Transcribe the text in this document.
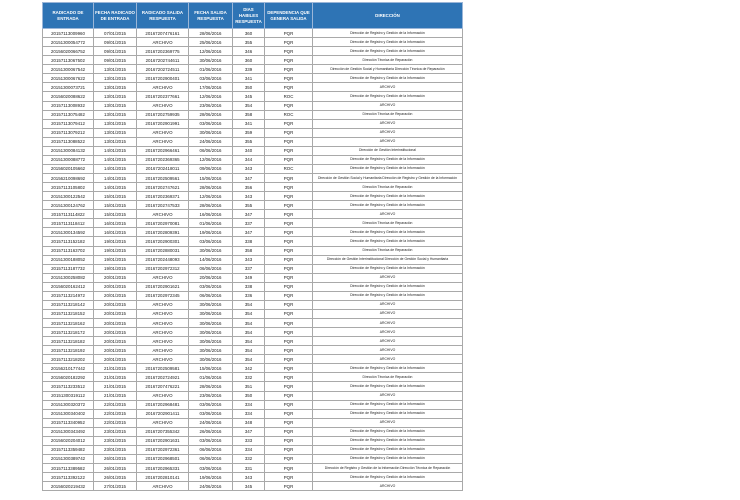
RADICADO DE ENTRADA	FECHA RADICADO DE ENTRADA	RADICADO SALIDA RESPUESTA	FECHA SALIDA RESPUESTA	DIAS HABILES RESPUESTA	DEPENDENCIA QUE GENERA SALIDA	DIRECCIÓN
20157113009960	07/01/2015	20167207476161	28/06/2016	360	PQR	Dirección de Registro y Gestión de la Información
20151300054772	09/01/2015	ARCHIVO	25/06/2016	355	PQR	Dirección de Registro y Gestión de la Información
20156020066752	09/01/2015	20167202369775	12/06/2016	346	PQR	Dirección de Registro y Gestión de la Información
20157113067502	09/01/2015	20167202744611	30/06/2016	360	PQR	Dirección Técnica de Reparación
20151300067542	13/01/2015	20167202724511	01/06/2016	339	PQR	Dirección de Gestión Social y Humanitaria Dirección Técnica de Reparación
20151300067622	13/01/2015	20167202900401	03/06/2016	341	PQR	Dirección de Registro y Gestión de la Información
20151300073721	13/01/2015	ARCHIVO	17/06/2016	350	PQR	ARCHIVO
20156020088622	13/01/2015	20167202377661	12/06/2016	345	ROC	Dirección de Registro y Gestión de la Información
20157113008932	13/01/2015	ARCHIVO	23/06/2016	354	PQR	ARCHIVO
20157113075482	13/01/2015	20167202759935	28/06/2016	358	ROC	Dirección Técnica de Reparación
20157113079412	13/01/2015	20167202901991	03/06/2016	341	PQR	ARCHIVO
20157113079212	13/01/2015	ARCHIVO	30/06/2016	359	PQR	ARCHIVO
20157113088522	13/01/2015	ARCHIVO	24/06/2016	355	PQR	ARCHIVO
20151300084132	14/01/2015	20167202966461	06/06/2016	340	PQR	Dirección de Gestión Interinstitucional
20151300088772	14/01/2015	20167202369365	12/06/2016	344	PQR	Dirección de Registro y Gestión de la Información
20156020105662	14/01/2015	20167202418011	09/06/2016	343	ROC	Dirección de Registro y Gestión de la Información
20156210098692	14/01/2015	20167202509561	15/06/2016	347	PQR	Dirección de Gestión Social y Humanitaria Dirección de Registro y Gestión de la Información
20157113105802	14/01/2015	20167202747621	28/06/2016	356	PQR	Dirección Técnica de Reparación
20151300122542	15/01/2015	20167202369371	12/06/2016	343	PQR	Dirección de Registro y Gestión de la Información
20151300124762	15/01/2015	20167202747533	28/06/2016	355	PQR	Dirección de Registro y Gestión de la Información
20157113114822	15/01/2015	ARCHIVO	16/06/2016	347	PQR	ARCHIVO
20157113118412	16/01/2015	20167202970081	01/06/2016	337	PQR	Dirección Técnica de Reparación
20151300134592	16/01/2015	20167202809391	19/06/2016	347	PQR	Dirección de Registro y Gestión de la Información
20157113152182	19/01/2015	20167202900301	03/06/2016	338	PQR	Dirección de Registro y Gestión de la Información
20157113163702	19/01/2015	20167202880031	30/06/2016	358	PQR	Dirección Técnica de Reparación
20151300188052	19/01/2015	20167202448093	14/06/2016	343	PQR	Dirección de Gestión Interinstitucional Dirección de Gestión Social y Humanitaria
20157113187732	19/01/2015	20167202972312	06/06/2016	337	PQR	Dirección de Registro y Gestión de la Información
20151300258082	20/01/2015	ARCHIVO	20/06/2016	349	PQR	ARCHIVO
20156020162412	20/01/2015	20167202901621	03/06/2016	338	PQR	Dirección de Registro y Gestión de la Información
20157113214972	20/01/2015	20167202972345	06/06/2016	336	PQR	Dirección de Registro y Gestión de la Información
20157113218142	20/01/2015	ARCHIVO	30/06/2016	354	PQR	ARCHIVO
20157113218152	20/01/2015	ARCHIVO	30/06/2016	354	PQR	ARCHIVO
20157113218162	20/01/2015	ARCHIVO	30/06/2016	354	PQR	ARCHIVO
20157113218172	20/01/2015	ARCHIVO	30/06/2016	354	PQR	ARCHIVO
20157113218182	20/01/2015	ARCHIVO	30/06/2016	354	PQR	ARCHIVO
20157113218192	20/01/2015	ARCHIVO	30/06/2016	354	PQR	ARCHIVO
20157113218202	20/01/2015	ARCHIVO	30/06/2016	354	PQR	ARCHIVO
20156210177442	21/01/2015	20167202509581	15/06/2016	342	PQR	Dirección de Registro y Gestión de la Información
20156020182292	21/01/2015	20167202724921	01/06/2016	332	PQR	Dirección Técnica de Reparación
20157113233512	21/01/2015	20167207476221	28/06/2016	351	PQR	Dirección de Registro y Gestión de la Información
20151300319112	21/01/2015	ARCHIVO	23/06/2016	350	PQR	ARCHIVO
20151300320372	22/01/2015	20167202968481	03/06/2016	334	PQR	Dirección de Registro y Gestión de la Información
20151300340402	22/01/2015	20167202901411	03/06/2016	334	PQR	Dirección de Registro y Gestión de la Información
20157113340952	22/01/2015	ARCHIVO	24/06/2016	348	PQR	ARCHIVO
20151300343492	23/01/2015	20167207355342	26/06/2016	347	PQR	Dirección de Registro y Gestión de la Información
20156020204012	23/01/2015	20167202901631	03/06/2016	333	PQR	Dirección de Registro y Gestión de la Información
20157113359482	23/01/2015	20167202972361	06/06/2016	334	PQR	Dirección de Registro y Gestión de la Información
20151300389742	26/01/2015	20167202968501	06/06/2016	332	PQR	Dirección de Registro y Gestión de la Información
20157113389582	26/01/2015	20167202965331	03/06/2016	331	PQR	Dirección de Registro y Gestión de la Información Dirección Técnica de Reparación
20157113392122	26/01/2015	20167202810141	19/06/2016	343	PQR	Dirección de Registro y Gestión de la Información
20156020219432	27/01/2015	ARCHIVO	24/06/2016	345	PQR	ARCHIVO
